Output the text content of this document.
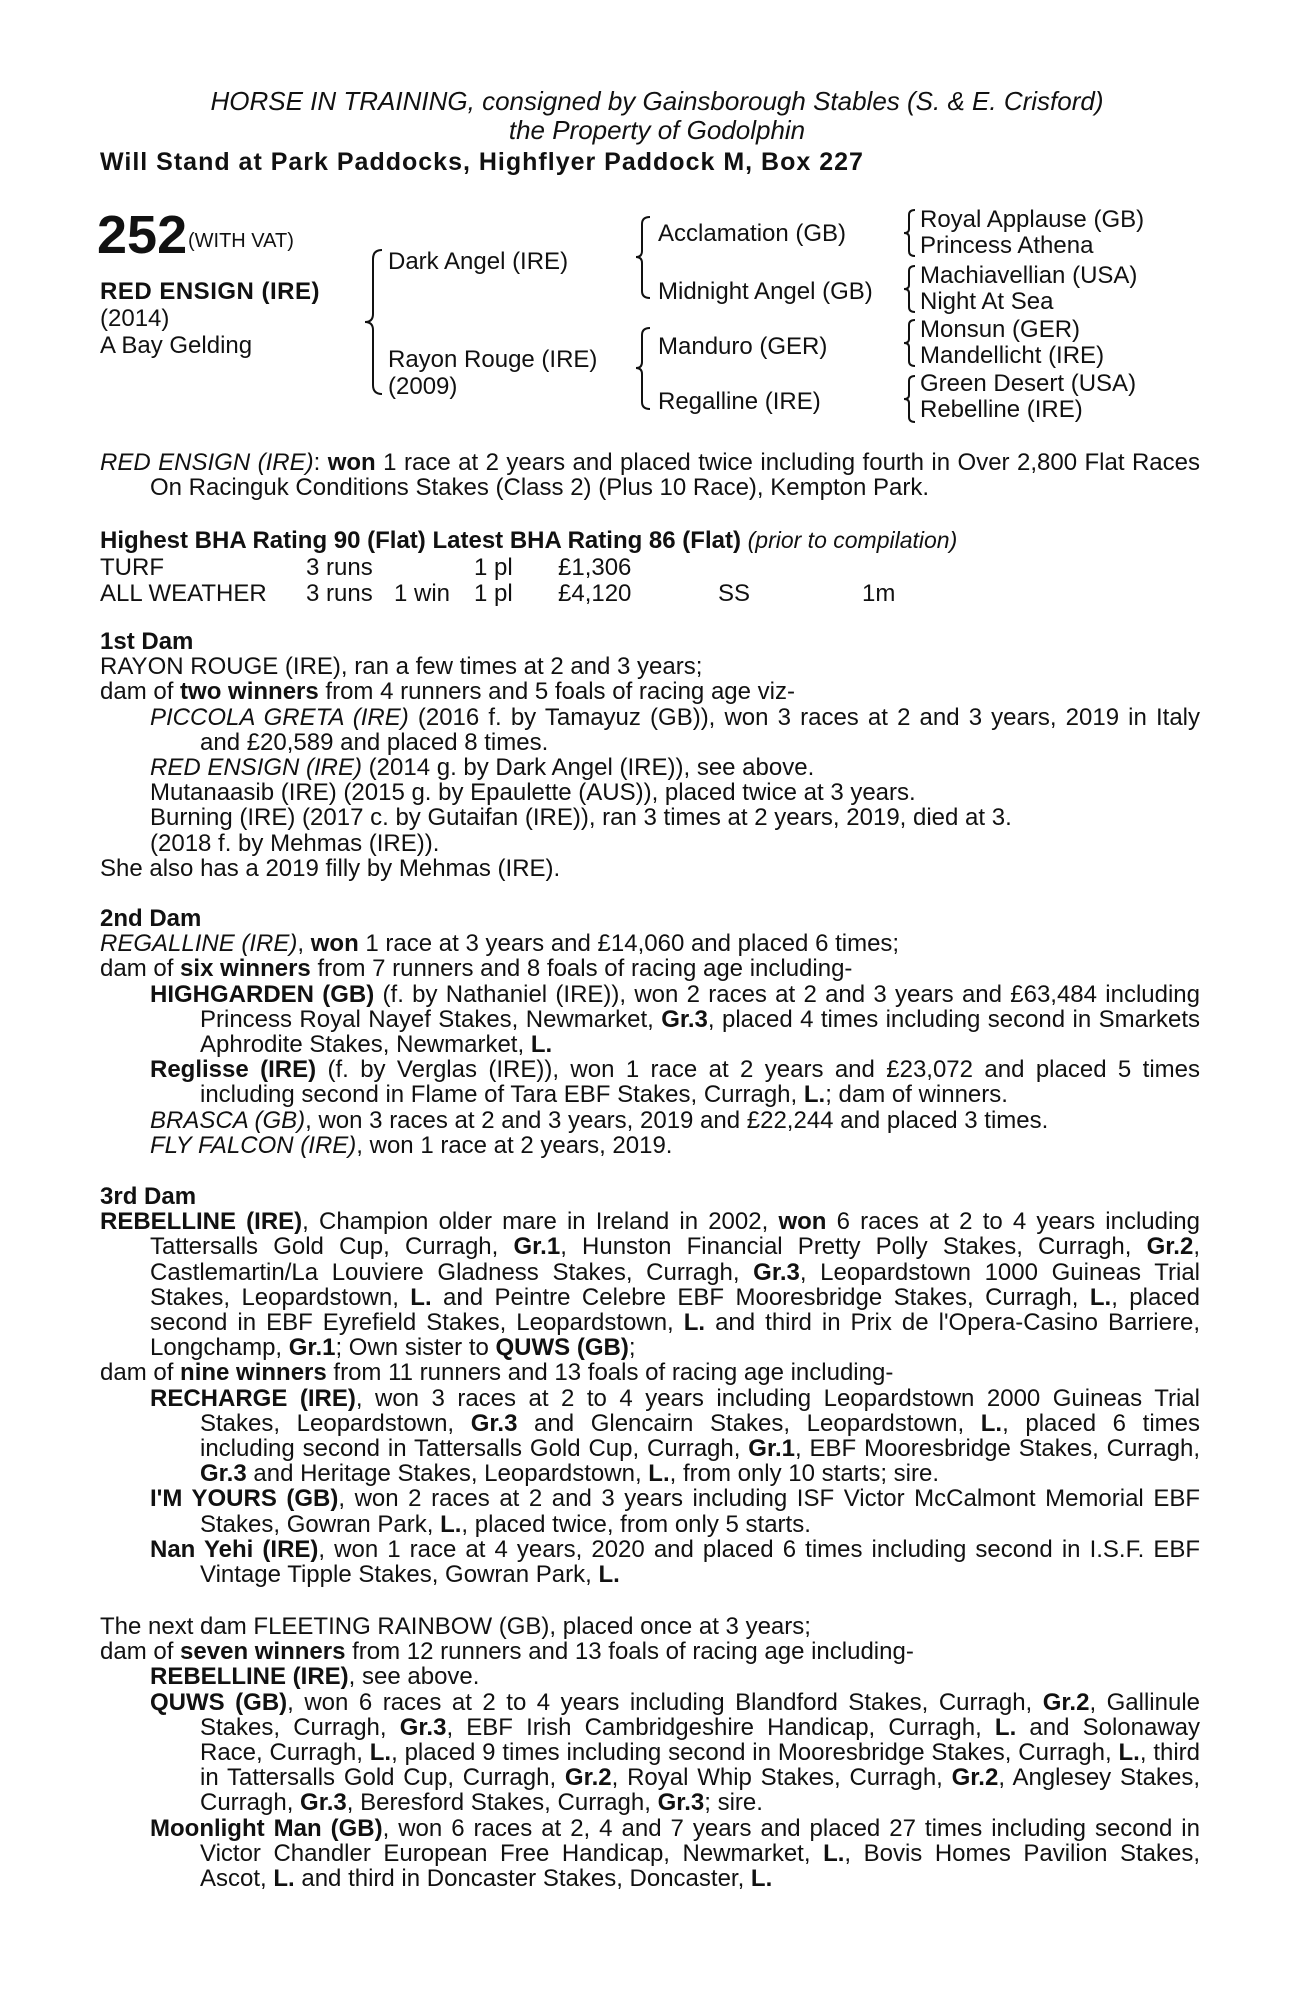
HORSE IN TRAINING, consigned by Gainsborough Stables (S. & E. Crisford)
the Property of Godolphin
Will Stand at Park Paddocks, Highflyer Paddock M, Box 227
252 (WITH VAT)
RED ENSIGN (IRE)
(2014)
A Bay Gelding
Dark Angel (IRE)
Rayon Rouge (IRE)
(2009)
Acclamation (GB)
Midnight Angel (GB)
Manduro (GER)
Regalline (IRE)
Royal Applause (GB)
Princess Athena
Machiavellian (USA)
Night At Sea
Monsun (GER)
Mandellicht (IRE)
Green Desert (USA)
Rebelline (IRE)

RED ENSIGN (IRE): won 1 race at 2 years and placed twice including fourth in Over 2,800 Flat Races On Racinguk Conditions Stakes (Class 2) (Plus 10 Race), Kempton Park.

Highest BHA Rating 90 (Flat) Latest BHA Rating 86 (Flat) (prior to compilation)
TURF	3 runs	1 pl £1,306
ALL WEATHER 3 runs 1 win 1 pl £4,120	SS	1m

1st Dam

RAYON ROUGE (IRE), ran a few times at 2 and 3 years;

dam of two winners from 4 runners and 5 foals of racing age viz-

PICCOLA GRETA (IRE) (2016 f. by Tamayuz (GB)), won 3 races at 2 and 3 years, 2019 in Italy and £20,589 and placed 8 times.

RED ENSIGN (IRE) (2014 g. by Dark Angel (IRE)), see above.

Mutanaasib (IRE) (2015 g. by Epaulette (AUS)), placed twice at 3 years.

Burning (IRE) (2017 c. by Gutaifan (IRE)), ran 3 times at 2 years, 2019, died at 3.

(2018 f. by Mehmas (IRE)).

She also has a 2019 filly by Mehmas (IRE).

2nd Dam

REGALLINE (IRE), won 1 race at 3 years and £14,060 and placed 6 times;

dam of six winners from 7 runners and 8 foals of racing age including-

HIGHGARDEN (GB) (f. by Nathaniel (IRE)), won 2 races at 2 and 3 years and £63,484 including Princess Royal Nayef Stakes, Newmarket, Gr.3, placed 4 times including second in Smarkets Aphrodite Stakes, Newmarket, L.

Reglisse (IRE) (f. by Verglas (IRE)), won 1 race at 2 years and £23,072 and placed 5 times including second in Flame of Tara EBF Stakes, Curragh, L.; dam of winners.

BRASCA (GB), won 3 races at 2 and 3 years, 2019 and £22,244 and placed 3 times.

FLY FALCON (IRE), won 1 race at 2 years, 2019.

3rd Dam

REBELLINE (IRE), Champion older mare in Ireland in 2002, won 6 races at 2 to 4 years including Tattersalls Gold Cup, Curragh, Gr.1, Hunston Financial Pretty Polly Stakes, Curragh, Gr.2, Castlemartin/La Louviere Gladness Stakes, Curragh, Gr.3, Leopardstown 1000 Guineas Trial Stakes, Leopardstown, L. and Peintre Celebre EBF Mooresbridge Stakes, Curragh, L., placed second in EBF Eyrefield Stakes, Leopardstown, L. and third in Prix de l'Opera-Casino Barriere, Longchamp, Gr.1; Own sister to QUWS (GB);

dam of nine winners from 11 runners and 13 foals of racing age including-

RECHARGE (IRE), won 3 races at 2 to 4 years including Leopardstown 2000 Guineas Trial Stakes, Leopardstown, Gr.3 and Glencairn Stakes, Leopardstown, L., placed 6 times including second in Tattersalls Gold Cup, Curragh, Gr.1, EBF Mooresbridge Stakes, Curragh, Gr.3 and Heritage Stakes, Leopardstown, L., from only 10 starts; sire.

I'M YOURS (GB), won 2 races at 2 and 3 years including ISF Victor McCalmont Memorial EBF Stakes, Gowran Park, L., placed twice, from only 5 starts.

Nan Yehi (IRE), won 1 race at 4 years, 2020 and placed 6 times including second in I.S.F. EBF Vintage Tipple Stakes, Gowran Park, L.

The next dam FLEETING RAINBOW (GB), placed once at 3 years;

dam of seven winners from 12 runners and 13 foals of racing age including-

REBELLINE (IRE), see above.

QUWS (GB), won 6 races at 2 to 4 years including Blandford Stakes, Curragh, Gr.2, Gallinule Stakes, Curragh, Gr.3, EBF Irish Cambridgeshire Handicap, Curragh, L. and Solonaway Race, Curragh, L., placed 9 times including second in Mooresbridge Stakes, Curragh, L., third in Tattersalls Gold Cup, Curragh, Gr.2, Royal Whip Stakes, Curragh, Gr.2, Anglesey Stakes, Curragh, Gr.3, Beresford Stakes, Curragh, Gr.3; sire.

Moonlight Man (GB), won 6 races at 2, 4 and 7 years and placed 27 times including second in Victor Chandler European Free Handicap, Newmarket, L., Bovis Homes Pavilion Stakes, Ascot, L. and third in Doncaster Stakes, Doncaster, L.
